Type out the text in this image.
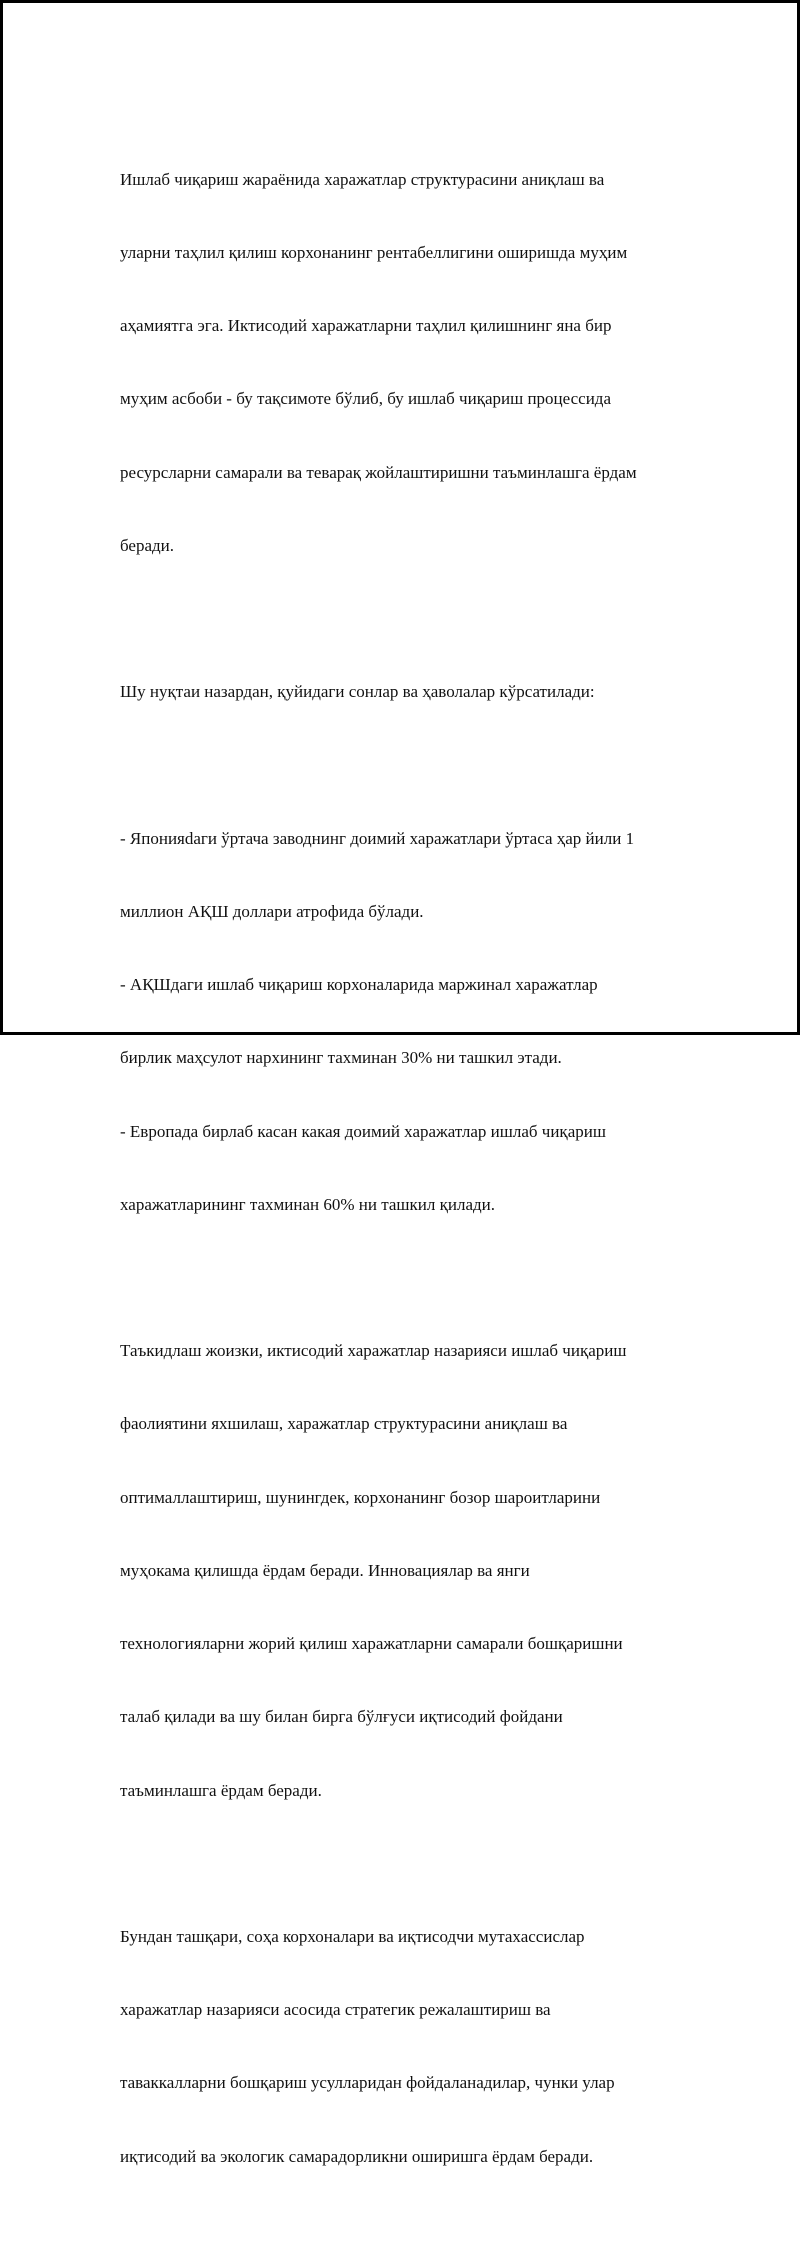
Ишлаб чиқариш жараёнида харажатлар структурасини аниқлаш ва

уларни таҳлил қилиш корхонанинг рентабеллигини оширишда муҳим

аҳамиятга эга. Иктисодий харажатларни таҳлил қилишнинг яна бир

муҳим асбоби - бу тақсимоте бўлиб, бу ишлаб чиқариш процессида

ресурсларни самарали ва теварақ жойлаштиришни таъминлашга ёрдам

беради.

Шу нуқтаи назардан, қуйидаги сонлар ва ҳаволалар кўрсатилади:

- Японияdаги ўртача заводнинг доимий харажатлари ўртаса ҳар йили 1

миллион АҚШ доллари атрофида бўлади.

- АҚШдаги ишлаб чиқариш корхоналарида маржинал харажатлар

бирлик маҳсулот нархининг тахминан 30% ни ташкил этади.

- Европада бирлаб касан какая доимий харажатлар ишлаб чиқариш

харажатларининг тахминан 60% ни ташкил қилади.

Таъкидлаш жоизки, иктисодий харажатлар назарияси ишлаб чиқариш

фаолиятини яхшилаш, харажатлар структурасини аниқлаш ва

оптималлаштириш, шунингдек, корхонанинг бозор шароитларини

муҳокама қилишда ёрдам беради. Инновациялар ва янги

технологияларни жорий қилиш харажатларни самарали бошқаришни

талаб қилади ва шу билан бирга бўлғуси иқтисодий фойдани

таъминлашга ёрдам беради.

Бундан ташқари, соҳа корхоналари ва иқтисодчи мутахассислар

харажатлар назарияси асосида стратегик режалаштириш ва

таваккалларни бошқариш усулларидан фойдаланадилар, чунки улар

иқтисодий ва экологик самарадорликни оширишга ёрдам беради.
